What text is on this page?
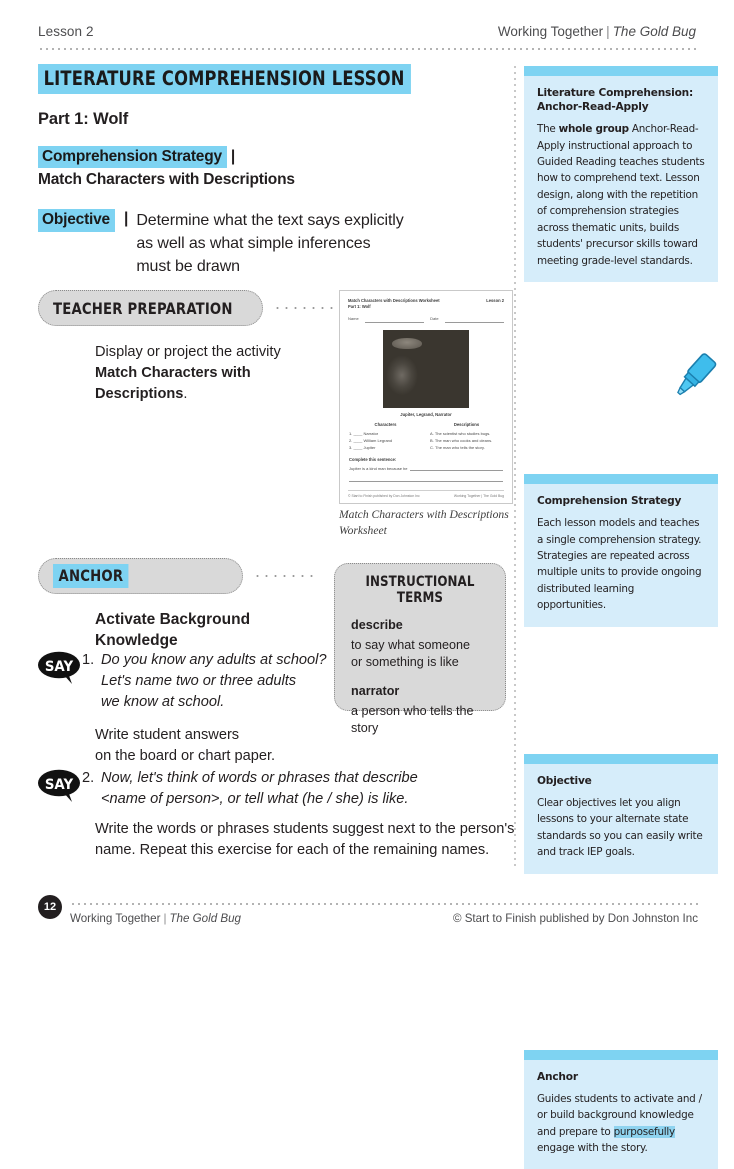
Lesson 2	Working Together | The Gold Bug
LITERATURE COMPREHENSION LESSON
Part 1: Wolf
Comprehension Strategy |
Match Characters with Descriptions
Objective | Determine what the text says explicitly
as well as what simple inferences
must be drawn
TEACHER PREPARATION
Display or project the activity
Match Characters with Descriptions.
Match Characters with Descriptions Worksheet
Part 1: Wolf
Lesson 2
Name	Date
Jupiter, Legrand, Narrator
Characters
1. ____ Narrator
2. ____ William Legrand
3. ____ Jupiter
Descriptions
A. The scientist who studies bugs.
B. The man who cooks and cleans.
C. The man who tells the story.
Complete this sentence:
Jupiter is a kind man because he
© Start to Finish published by Don Johnston Inc	Working Together | The Gold Bug
Match Characters with Descriptions Worksheet
ANCHOR
Activate Background
Knowledge
SAY 1. Do you know any adults at school?
Let's name two or three adults
we know at school.
Write student answers
on the board or chart paper.
SAY 2. Now, let's think of words or phrases that describe
<name of person>, or tell what (he / she) is like.
Write the words or phrases students suggest next to the person's
name. Repeat this exercise for each of the remaining names.
INSTRUCTIONAL TERMS
describe
to say what someone
or something is like
narrator
a person who tells the story
Literature Comprehension:
Anchor-Read-Apply
The whole group Anchor-Read-Apply instructional approach to Guided Reading teaches students how to comprehend text. Lesson design, along with the repetition of comprehension strategies across thematic units, builds students' precursor skills toward meeting grade-level standards.
Comprehension Strategy
Each lesson models and teaches a single comprehension strategy. Strategies are repeated across multiple units to provide ongoing distributed learning opportunities.
Objective
Clear objectives let you align lessons to your alternate state standards so you can easily write and track IEP goals.
Anchor
Guides students to activate and / or build background knowledge and prepare to purposefully engage with the story.
12
Working Together | The Gold Bug	© Start to Finish published by Don Johnston Inc
